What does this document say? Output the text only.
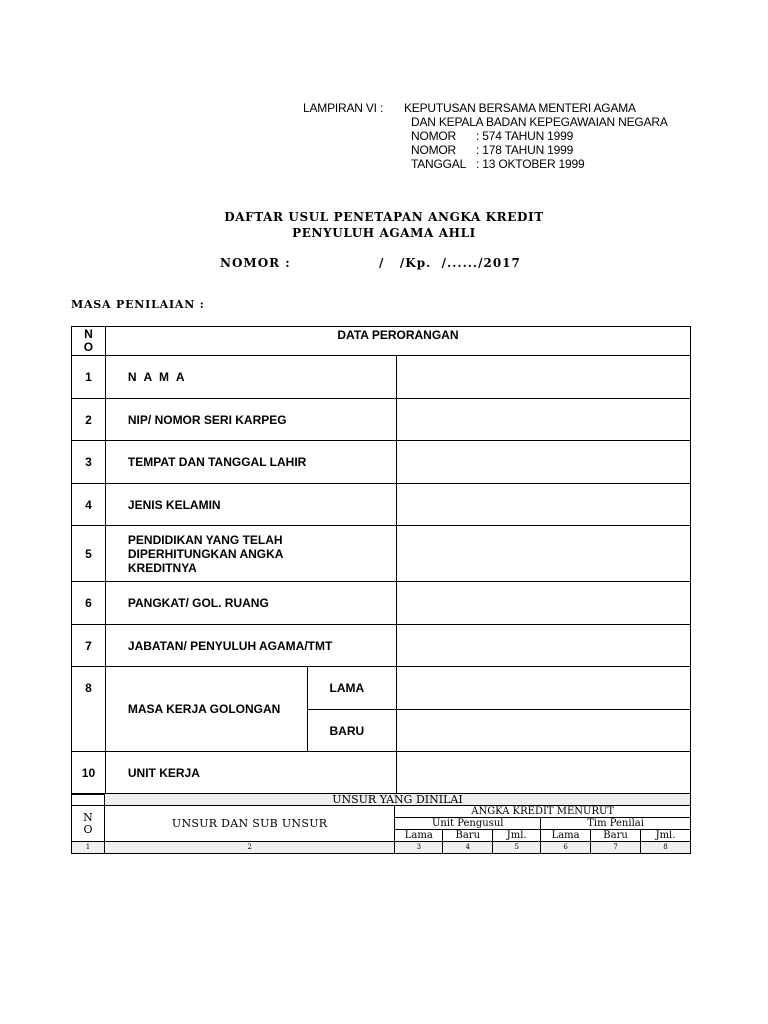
LAMPIRAN VI : KEPUTUSAN BERSAMA MENTERI AGAMA
DAN KEPALA BADAN KEPEGAWAIAN NEGARA
NOMOR : 574 TAHUN 1999
NOMOR : 178 TAHUN 1999
TANGGAL : 13 OKTOBER 1999
DAFTAR USUL PENETAPAN ANGKA KREDIT
PENYULUH AGAMA AHLI
NOMOR :	/   /Kp.  /....../2017
MASA PENILAIAN :
N O	DATA PERORANGAN		
1	N A M A		
2	NIP/ NOMOR SERI KARPEG		
3	TEMPAT DAN TANGGAL LAHIR		
4	JENIS KELAMIN		
5	PENDIDIKAN YANG TELAH DIPERHITUNGKAN ANGKA KREDITNYA		
6	PANGKAT/ GOL. RUANG		
7	JABATAN/ PENYULUH AGAMA/TMT		
8	MASA KERJA GOLONGAN	LAMA	
		BARU	
10	UNIT KERJA		
	UNSUR YANG DINILAI						

N O	UNSUR DAN SUB UNSUR	ANGKA KREDIT MENURUT					
		Unit Pengusul			Tim Penilai		
		Lama	Baru	Jml.	Lama	Baru	Jml.
1	2	3	4	5	6	7	8
